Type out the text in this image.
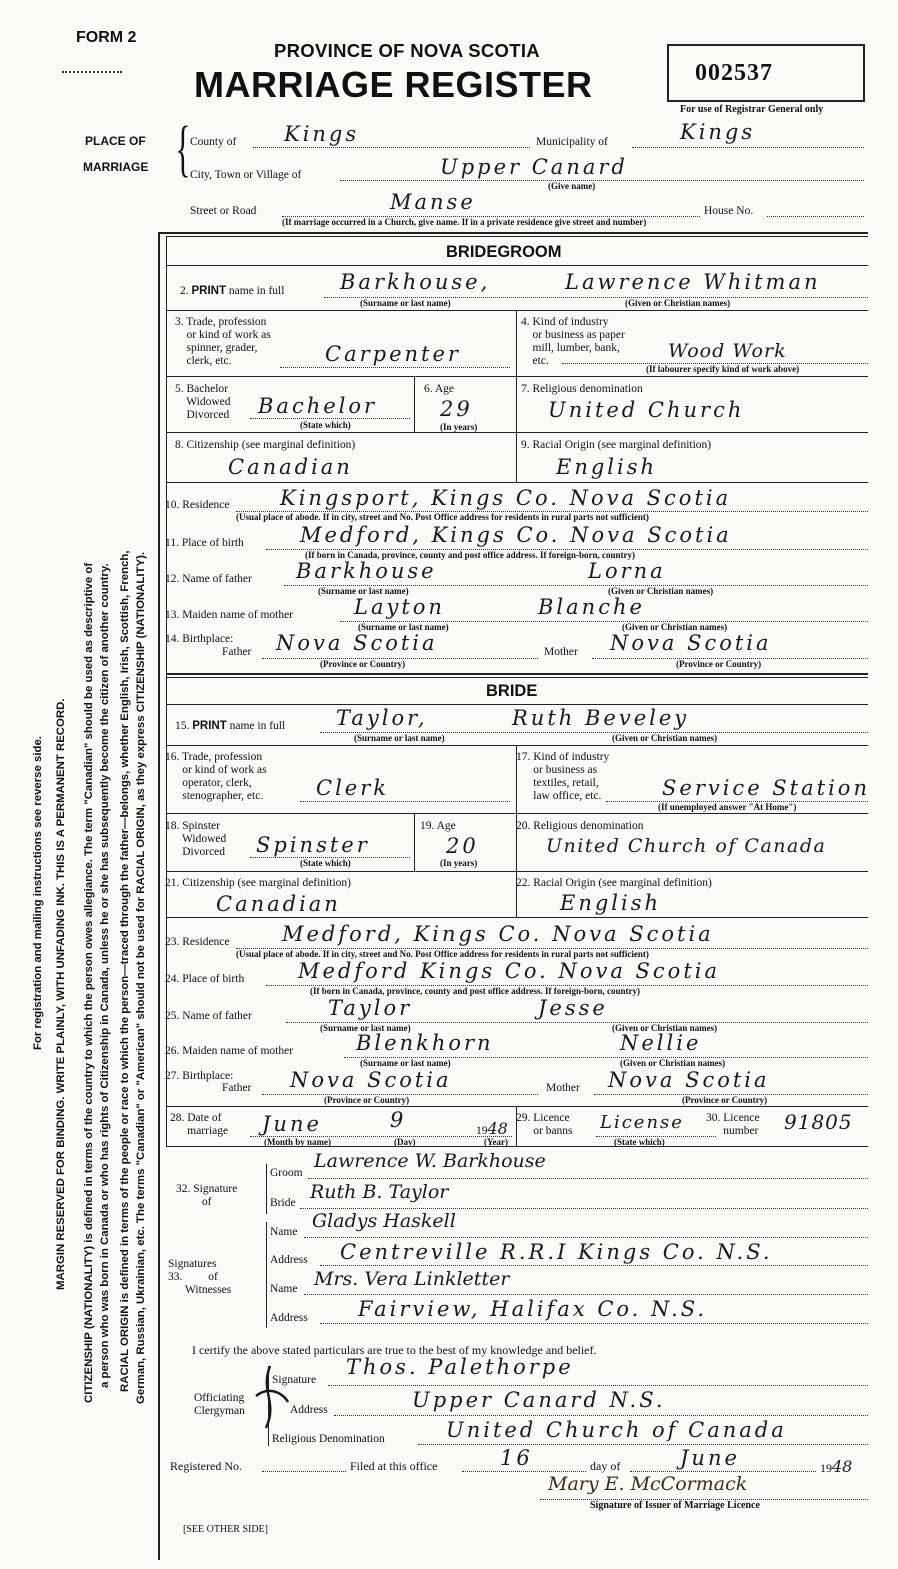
FORM 2
PROVINCE OF NOVA SCOTIA
MARRIAGE REGISTER	002537
For use of Registrar General only
PLACE OF
MARRIAGE { County of Kings	Municipality of	Kings
City, Town or Village of	Upper Canard
(Give name)
Street or Road	Manse	House No.
(If marriage occurred in a Church, give name. If in a private residence give street and number)
For registration and mailing instructions see reverse side. MARGIN RESERVED FOR BINDING. WRITE PLAINLY, WITH UNFADING INK. THIS IS A PERMANENT RECORD. CITIZENSHIP (NATIONALITY) is defined in terms of the country to which the person owes allegiance. The term "Canadian" should be used as descriptive of a person who was born in Canada or who has rights of Citizenship in Canada, unless he or she has subsequently become the citizen of another country. RACIAL ORIGIN is defined in terms of the people or race to which the person—traced through the father—belongs, whether English, Irish, Scottish, French, German, Russian, Ukrainian, etc. The terms "Canadian" or "American" should not be used for RACIAL ORIGIN, as they express CITIZENSHIP (NATIONALITY).
BRIDEGROOM
2. PRINT name in full	Barkhouse,	Lawrence Whitman
(Surname or last name)	(Given or Christian names)
3. Trade, profession
or kind of work as
spinner, grader,
clerk, etc.	Carpenter
4. Kind of industry
or business as paper
mill, lumber, bank,
etc.	Wood Work
(If labourer specify kind of work above)
5. Bachelor
Widowed
Divorced Bachelor
(State which)
6. Age
29
(In years)
7. Religious denomination
United Church
8. Citizenship (see marginal definition)
Canadian
9. Racial Origin (see marginal definition)
English
10. Residence Kingsport, Kings Co. Nova Scotia
(Usual place of abode. If in city, street and No. Post Office address for residents in rural parts not sufficient)
11. Place of birth	Medford, Kings Co. Nova Scotia
(If born in Canada, province, county and post office address. If foreign-born, country)
12. Name of father Barkhouse	Lorna
(Surname or last name)	(Given or Christian names)
13. Maiden name of mother	Layton	Blanche
(Surname or last name)	(Given or Christian names)
14. Birthplace:
Father Nova Scotia
(Province or Country)
Mother Nova Scotia
(Province or Country)
BRIDE
15. PRINT name in full Taylor,	Ruth Beveley
(Surname or last name)	(Given or Christian names)
16. Trade, profession
or kind of work as
operator, clerk,
stenographer, etc.	Clerk
17. Kind of industry
or business as
textiles, retail,
law office, etc.	Service Station
(If unemployed answer "At Home")
18. Spinster
Widowed
Divorced Spinster
(State which)
19. Age
20
(In years)
20. Religious denomination
United Church of Canada
21. Citizenship (see marginal definition)
Canadian
22. Racial Origin (see marginal definition)
English
23. Residence Medford, Kings Co. Nova Scotia
(Usual place of abode. If in city, street and No. Post Office address for residents in rural parts not sufficient)
24. Place of birth	Medford Kings Co. Nova Scotia
(If born in Canada, province, county and post office address. If foreign-born, country)
25. Name of father	Taylor	Jesse
(Surname or last name)	(Given or Christian names)
26. Maiden name of mother	Blenkhorn	Nellie
(Surname or last name)	(Given or Christian names)
27. Birthplace:
Father Nova Scotia
(Province or Country)
Mother Nova Scotia
(Province or Country)
28. Date of
marriage June	9	1948
(Month by name)	(Day)	(Year)
29. Licence
or banns License
(State which)
30. Licence
number 91805
32. Signature
of
Groom
Lawrence W. Barkhouse
Bride Ruth B. Taylor
Signatures
33.         of
Witnesses
Name Gladys Haskell
Address Centreville R.R.I Kings Co. N.S.
Name Mrs. Vera Linkletter
Address Fairview, Halifax Co. N.S.
I certify the above stated particulars are true to the best of my knowledge and belief.
Officiating
Clergyman
Signature
Thos. Palethorpe
Address	Upper Canard N.S.
Religious Denomination	United Church of Canada
Registered No.	Filed at this office	16	day of	June	1948
Mary E. McCormack
Signature of Issuer of Marriage Licence
[SEE OTHER SIDE]
